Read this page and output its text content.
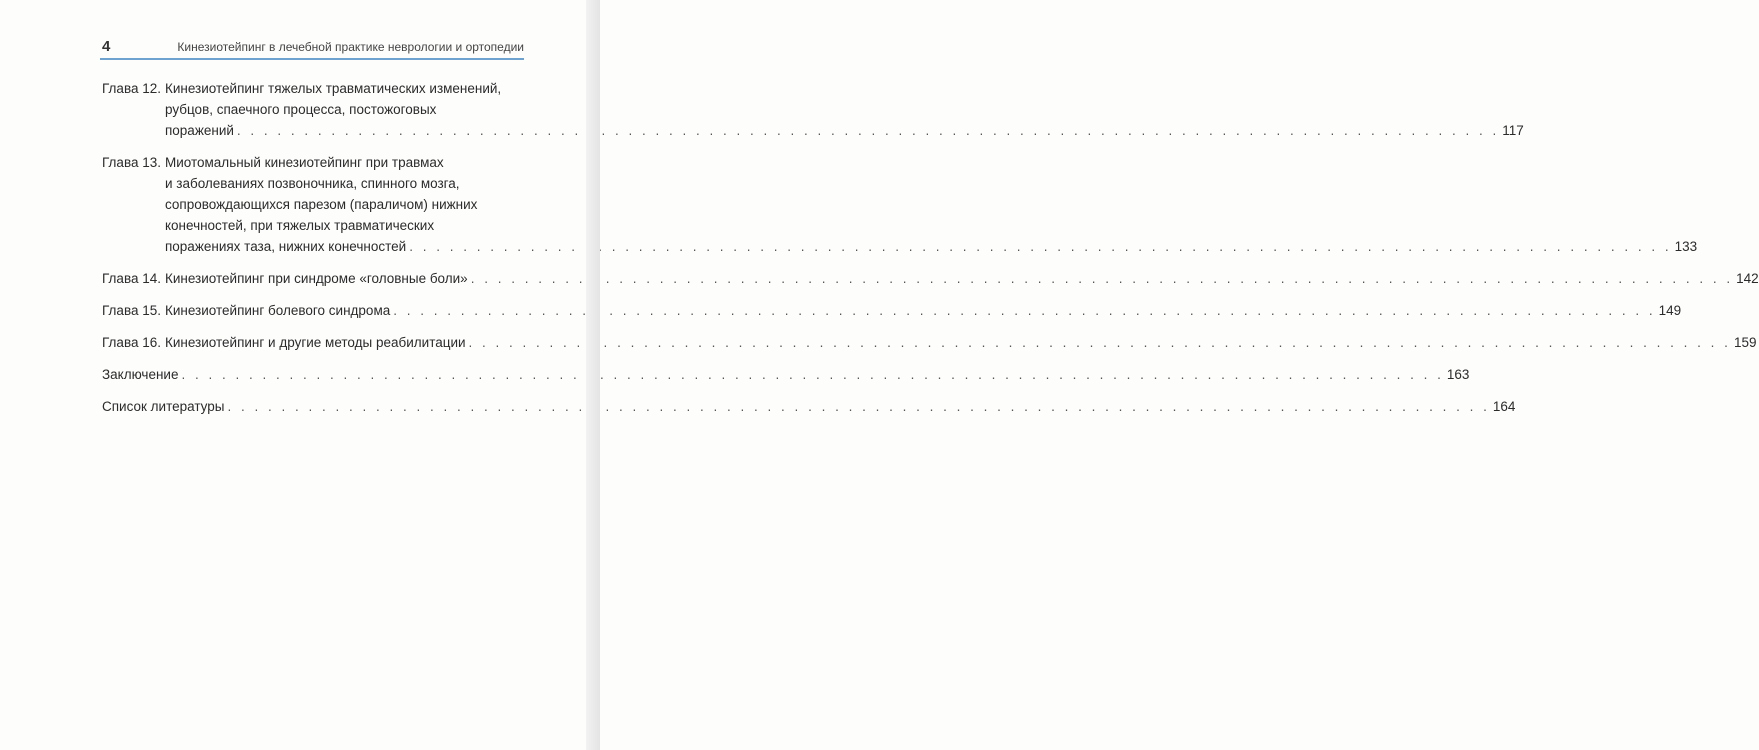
4	Кинезиотейпинг в лечебной практике неврологии и ортопедии
Глава 12. Кинезиотейпинг тяжелых травматических изменений,
рубцов, спаечного процесса, постожоговых
поражений . . .	117
Глава 13. Миотомальный кинезиотейпинг при травмах
и заболеваниях позвоночника, спинного мозга,
сопровождающихся парезом (параличом) нижних
конечностей, при тяжелых травматических
поражениях таза, нижних конечностей . . .	133
Глава 14. Кинезиотейпинг при синдроме «головные боли» . . .	142
Глава 15. Кинезиотейпинг болевого синдрома . . .	149
Глава 16. Кинезиотейпинг и другие методы реабилитации . . .	159
Заключение . . .	163
Список литературы . . .	164
